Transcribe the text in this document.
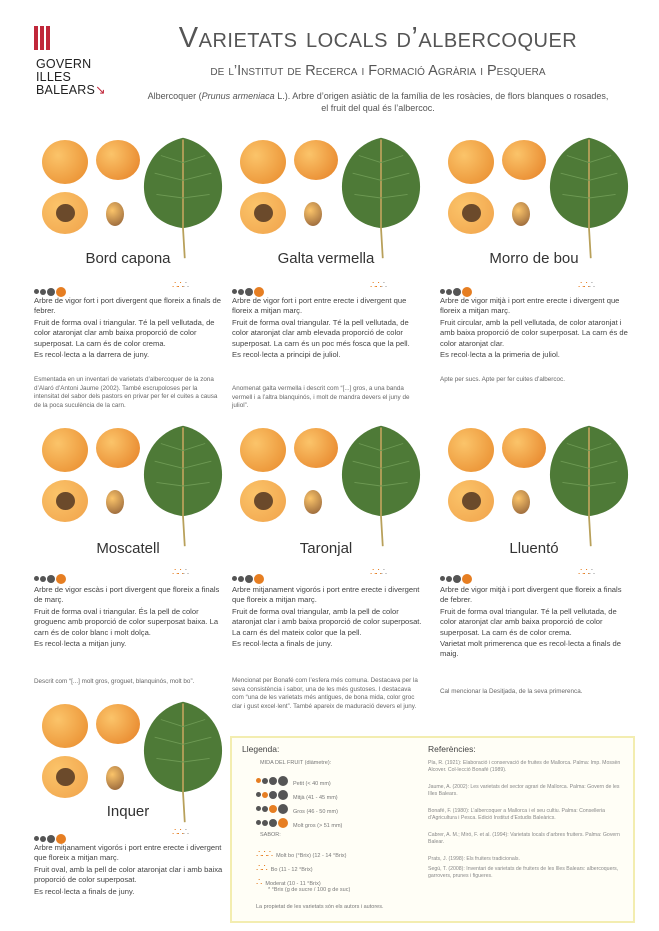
GOVERN
ILLES
BALEARS↘
Varietats locals d’albercoquer
de l’Institut de Recerca i Formació Agrària i Pesquera
Albercoquer (Prunus armeniaca L.). Arbre d’origen asiàtic de la família de les rosàcies, de flors blanques o rosades,
el fruit del qual és l’albercoc.
Bord capona
∴∴∴

Arbre de vigor fort i port divergent que floreix a finals de febrer.

Fruit de forma oval i triangular. Té la pell vellutada, de color ataronjat clar amb baixa proporció de color superposat. La carn és de color crema.

Es recol·lecta a la darrera de juny.

Esmentada en un inventari de varietats d’albercoquer de la zona d’Alaró d’Antoni Jaume (2002). També escrupoloses per la intensitat del sabor dels pastors en privar per fer el cuites a causa de la poca suculència de la carn.
Galta vermella
∴∴∴

Arbre de vigor fort i port entre erecte i divergent que floreix a mitjan març.

Fruit de forma oval triangular. Té la pell vellutada, de color ataronjat clar amb elevada proporció de color superposat. La carn és un poc més fosca que la pell.

Es recol·lecta a principi de juliol.

Anomenat galta vermella i descrit com “[...] gros, a una banda vermell i a l’altra blanquinós, i molt de mandra devers el juny de juliol”.
Morro de bou
∴∴∴

Arbre de vigor mitjà i port entre erecte i divergent que floreix a mitjan març.

Fruit circular, amb la pell vellutada, de color ataronjat i amb baixa proporció de color superposat. La carn és de color ataronjat clar.

Es recol·lecta a la primeria de juliol.

Apte per sucs. Apte per fer cuites d’albercoc.
Moscatell
∴∴∴

Arbre de vigor escàs i port divergent que floreix a finals de març.

Fruit de forma oval i triangular. És la pell de color groguenc amb proporció de color superposat baixa. La carn és de color blanc i molt dolça.

Es recol·lecta a mitjan juny.

Descrit com “[...] molt gros, groguet, blanquinós, molt bo”.
Taronjal
∴∴∴

Arbre mitjanament vigorós i port entre erecte i divergent que floreix a mitjan març.

Fruit de forma oval triangular, amb la pell de color ataronjat clar i amb baixa proporció de color superposat. La carn és del mateix color que la pell.

Es recol·lecta a finals de juny.

Mencionat per Bonafé com l’esfera més comuna. Destacava per la seva consistència i sabor, una de les més gustoses. I destacava com “una de les varietats més antigues, de bona mida, color groc clar i gust excel·lent”. També apareix de maduració devers el juny.
Lluentó
∴∴∴

Arbre de vigor mitjà i port divergent que floreix a finals de febrer.

Fruit de forma oval triangular. Té la pell vellutada, de color ataronjat clar amb baixa proporció de color superposat. La carn és de color crema.

Varietat molt primerenca que es recol·lecta a finals de maig.

Cal mencionar la Desitjada, de la seva primerenca.
Inquer
∴∴∴

Arbre mitjanament vigorós i port entre erecte i divergent que floreix a mitjan març.

Fruit oval, amb la pell de color ataronjat clar i amb baixa proporció de color superposat.

Es recol·lecta a finals de juny.

Llegenda:
MIDA DEL FRUIT (diàmetre):
Petit (< 40 mm)
Mitjà (41 - 45 mm)
Gros (46 - 50 mm)
Molt gros (> 51 mm)
SABOR:
∴∴∴ Molt bo (°Brix) (12 - 14 °Brix)
∴∴ Bo (11 - 12 °Brix)
∴ Moderat (10 - 11 °Brix)
* °Brix (g de sucre / 100 g de suc)
La propietat de les varietats són els autors i autores.
Referències:
Pla, R. (1921): Elaboració i conservació de fruites de Mallorca. Palma: Imp. Mossèn Alcover. Col·lecció Bonafé (1989).
Jaume, A. (2002): Les varietats del sector agrari de Mallorca. Palma: Govern de les Illes Balears.
Bonafé, F. (1980): L’albercoquer a Mallorca i el seu cultiu. Palma: Conselleria d’Agricultura i Pesca. Edició Institut d’Estudis Baleàrics.
Cabrer, A. M.; Miró, F. et al. (1994): Varietats locals d’arbres fruiters. Palma: Govern Balear.
Prats, J. (1998): Els fruiters tradicionals.
Segú, T. (2008): Inventari de varietats de fruiters de les Illes Balears: albercoquers, garrovers, prunes i figueres.
